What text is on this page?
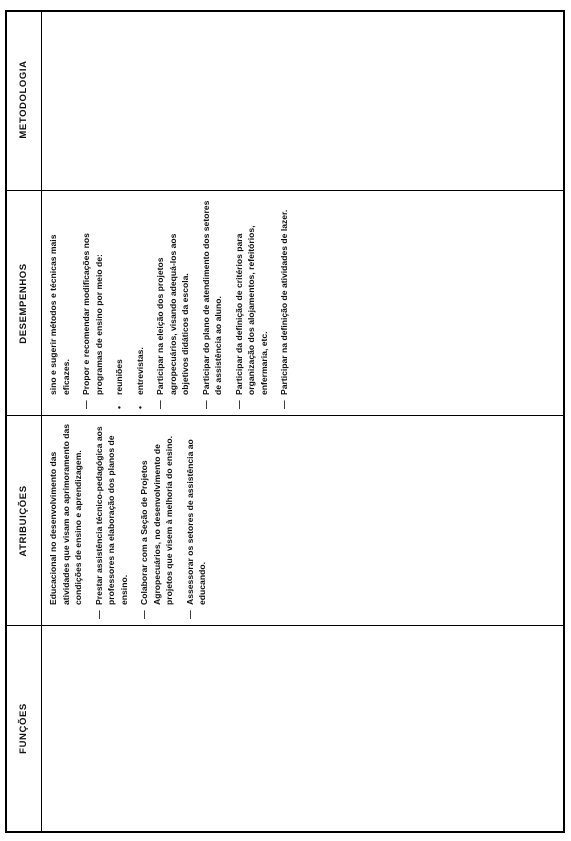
FUNÇÕES
ATRIBUIÇÕES
DESEMPENHOS
METODOLOGIA
Educacional no desenvolvimento das atividades que visam ao aprimoramento das condições de ensino e aprendizagem.
—
Prestar assistência técnico-pedagógica aos professores na elaboração dos planos de ensino.
—
Colaborar com a Seção de Projetos Agropecuários, no desenvolvimento de projetos que visem à melhoria do ensino.
—
Assessorar os setores de assistência ao educando.
sino e sugerir métodos e técnicas mais eficazes.
—
Propor e recomendar modificações nos programas de ensino por meio de:
•
reuniões
•
entrevistas.
—
Participar na eleição dos projetos agropecuários, visando adequá-los aos objetivos didáticos da escola.
—
Participar do plano de atendimento dos setores de assistência ao aluno.
—
Participar da definição de critérios para organização dos alojamentos, refeitórios, enfermaria, etc.
—
Participar na definição de atividades de lazer.
